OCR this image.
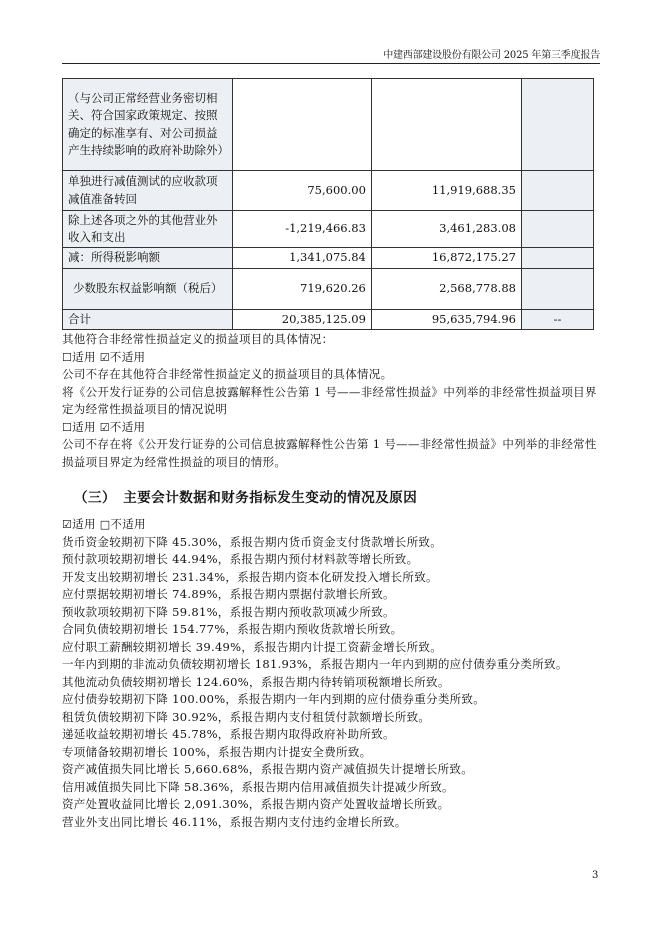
中建西部建设股份有限公司 2025 年第三季度报告
（与公司正常经营业务密切相关、符合国家政策规定、按照确定的标准享有、对公司损益产生持续影响的政府补助除外）			
单独进行减值测试的应收款项减值准备转回	75,600.00	11,919,688.35	
除上述各项之外的其他营业外收入和支出	-1,219,466.83	3,461,283.08	
减：所得税影响额	1,341,075.84	16,872,175.27	
少数股东权益影响额（税后）	719,620.26	2,568,778.88	
合计	20,385,125.09	95,635,794.96	--

其他符合非经常性损益定义的损益项目的具体情况：

☐适用 ☑不适用

公司不存在其他符合非经常性损益定义的损益项目的具体情况。

将《公开发行证券的公司信息披露解释性公告第 1 号——非经常性损益》中列举的非经常性损益项目界定为经常性损益项目的情况说明

☐适用 ☑不适用

公司不存在将《公开发行证券的公司信息披露解释性公告第 1 号——非经常性损益》中列举的非经常性损益项目界定为经常性损益的项目的情形。

（三）　主要会计数据和财务指标发生变动的情况及原因

☑适用 □不适用

货币资金较期初下降 45.30%，系报告期内货币资金支付货款增长所致。

预付款项较期初增长 44.94%，系报告期内预付材料款等增长所致。

开发支出较期初增长 231.34%，系报告期内资本化研发投入增长所致。

应付票据较期初增长 74.89%，系报告期内票据付款增长所致。

预收款项较期初下降 59.81%，系报告期内预收款项减少所致。

合同负债较期初增长 154.77%，系报告期内预收货款增长所致。

应付职工薪酬较期初增长 39.49%，系报告期内计提工资薪金增长所致。

一年内到期的非流动负债较期初增长 181.93%，系报告期内一年内到期的应付债券重分类所致。

其他流动负债较期初增长 124.60%，系报告期内待转销项税额增长所致。

应付债券较期初下降 100.00%，系报告期内一年内到期的应付债券重分类所致。

租赁负债较期初下降 30.92%，系报告期内支付租赁付款额增长所致。

递延收益较期初增长 45.78%，系报告期内取得政府补助所致。

专项储备较期初增长 100%，系报告期内计提安全费所致。

资产减值损失同比增长 5,660.68%，系报告期内资产减值损失计提增长所致。

信用减值损失同比下降 58.36%，系报告期内信用减值损失计提减少所致。

资产处置收益同比增长 2,091.30%，系报告期内资产处置收益增长所致。

营业外支出同比增长 46.11%，系报告期内支付违约金增长所致。

3
